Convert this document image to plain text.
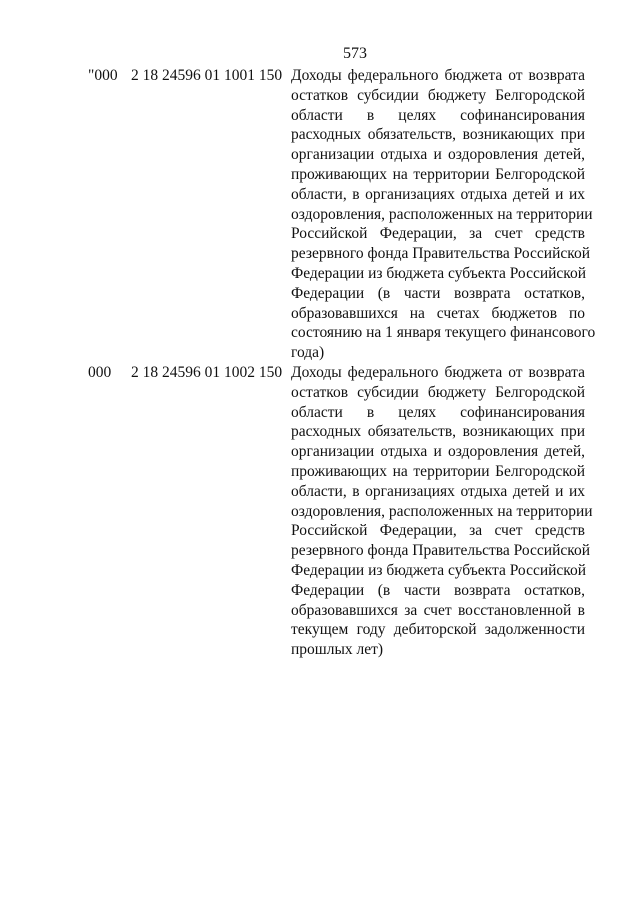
573
"000 2 18 24596 01 1001 150 Доходы федерального бюджета от возврата
остатков субсидии бюджету Белгородской
области в целях софинансирования
расходных обязательств, возникающих при
организации отдыха и оздоровления детей,
проживающих на территории Белгородской
области, в организациях отдыха детей и их
оздоровления, расположенных на территории
Российской Федерации, за счет средств
резервного фонда Правительства Российской
Федерации из бюджета субъекта Российской
Федерации (в части возврата остатков,
образовавшихся на счетах бюджетов по
состоянию на 1 января текущего финансового
года)
000 2 18 24596 01 1002 150 Доходы федерального бюджета от возврата
остатков субсидии бюджету Белгородской
области в целях софинансирования
расходных обязательств, возникающих при
организации отдыха и оздоровления детей,
проживающих на территории Белгородской
области, в организациях отдыха детей и их
оздоровления, расположенных на территории
Российской Федерации, за счет средств
резервного фонда Правительства Российской
Федерации из бюджета субъекта Российской
Федерации (в части возврата остатков,
образовавшихся за счет восстановленной в
текущем году дебиторской задолженности
прошлых лет)
